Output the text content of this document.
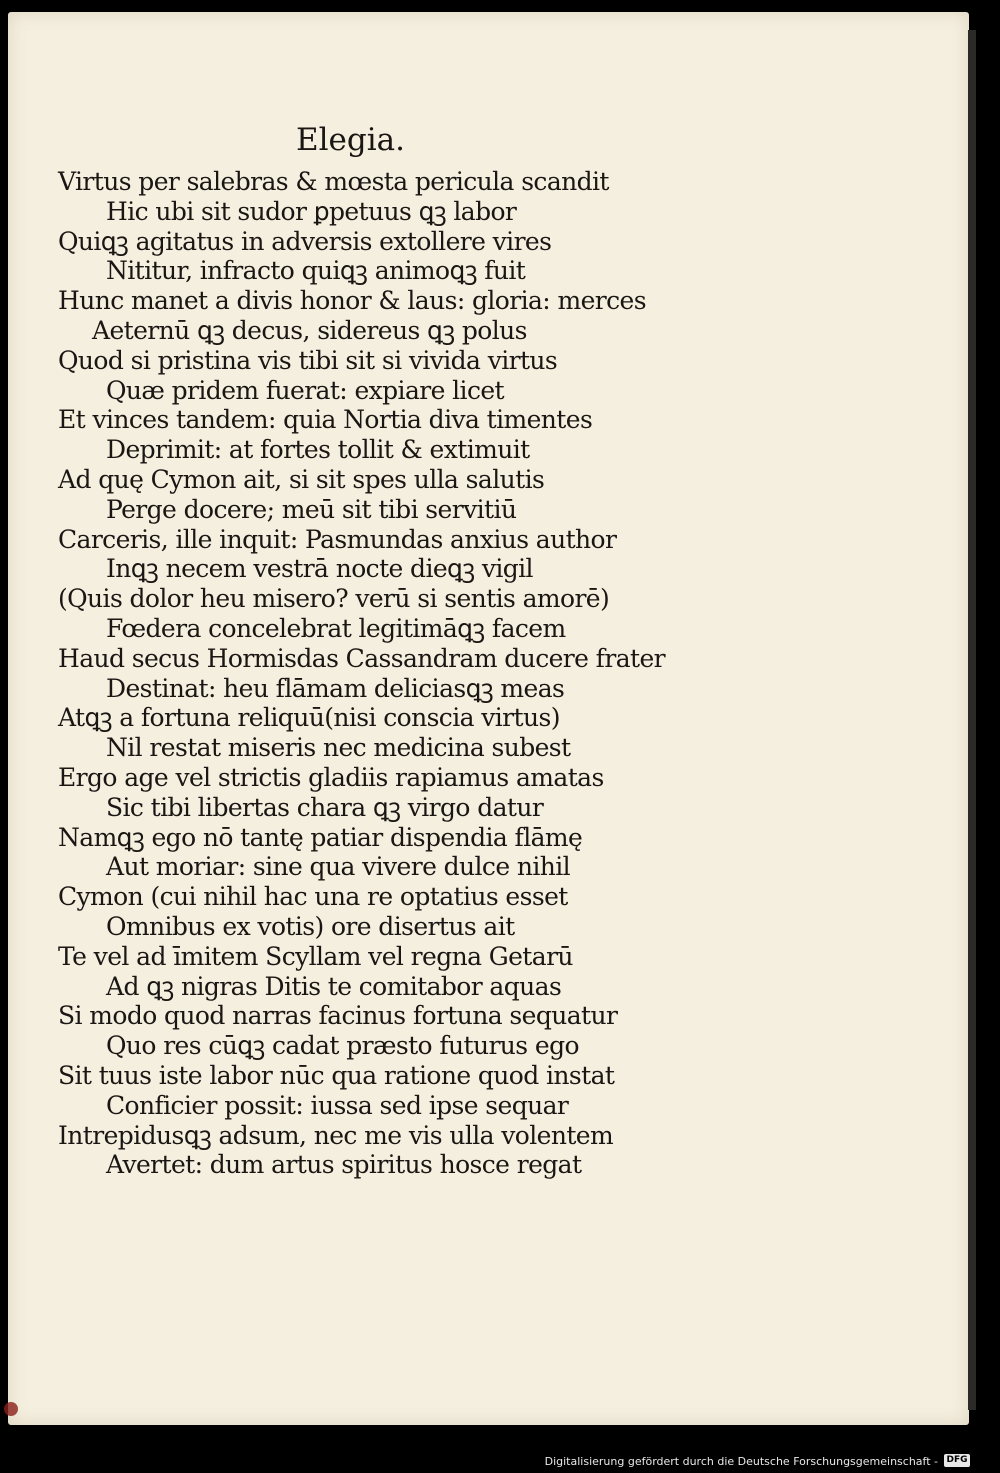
Elegia.
Virtus per salebras & mœsta pericula scandit
Hic ubi sit sudor ꝑpetuus ꝗꝫ labor
Quiꝗꝫ agitatus in adversis extollere vires
Nititur, infracto quiꝗꝫ animoꝗꝫ fuit
Hunc manet a divis honor & laus: gloria: merces
Aeternū ꝗꝫ decus, sidereus ꝗꝫ polus
Quod si pristina vis tibi sit si vivida virtus
Quæ pridem fuerat: expiare licet
Et vinces tandem: quia Nortia diva timentes
Deprimit: at fortes tollit & extimuit
Ad quę Cymon ait, si sit spes ulla salutis
Perge docere; meū sit tibi servitiū
Carceris, ille inquit: Pasmundas anxius author
Inꝗꝫ necem vestrā nocte dieꝗꝫ vigil
(Quis dolor heu misero? verū si sentis amorē)
Fœdera concelebrat legitimāꝗꝫ facem
Haud secus Hormisdas Cassandram ducere frater
Destinat: heu flāmam deliciasꝗꝫ meas
Atꝗꝫ a fortuna reliquū(nisi conscia virtus)
Nil restat miseris nec medicina subest
Ergo age vel strictis gladiis rapiamus amatas
Sic tibi libertas chara ꝗꝫ virgo datur
Namꝗꝫ ego nō tantę patiar dispendia flāmę
Aut moriar: sine qua vivere dulce nihil
Cymon (cui nihil hac una re optatius esset
Omnibus ex votis) ore disertus ait
Te vel ad īmitem Scyllam vel regna Getarū
Ad ꝗꝫ nigras Ditis te comitabor aquas
Si modo quod narras facinus fortuna sequatur
Quo res cūꝗꝫ cadat præsto futurus ego
Sit tuus iste labor nūc qua ratione quod instat
Conficier possit: iussa sed ipse sequar
Intrepidusꝗꝫ adsum, nec me vis ulla volentem
Avertet: dum artus spiritus hosce regat
Digitalisierung gefördert durch die Deutsche Forschungsgemeinschaft - DFG
